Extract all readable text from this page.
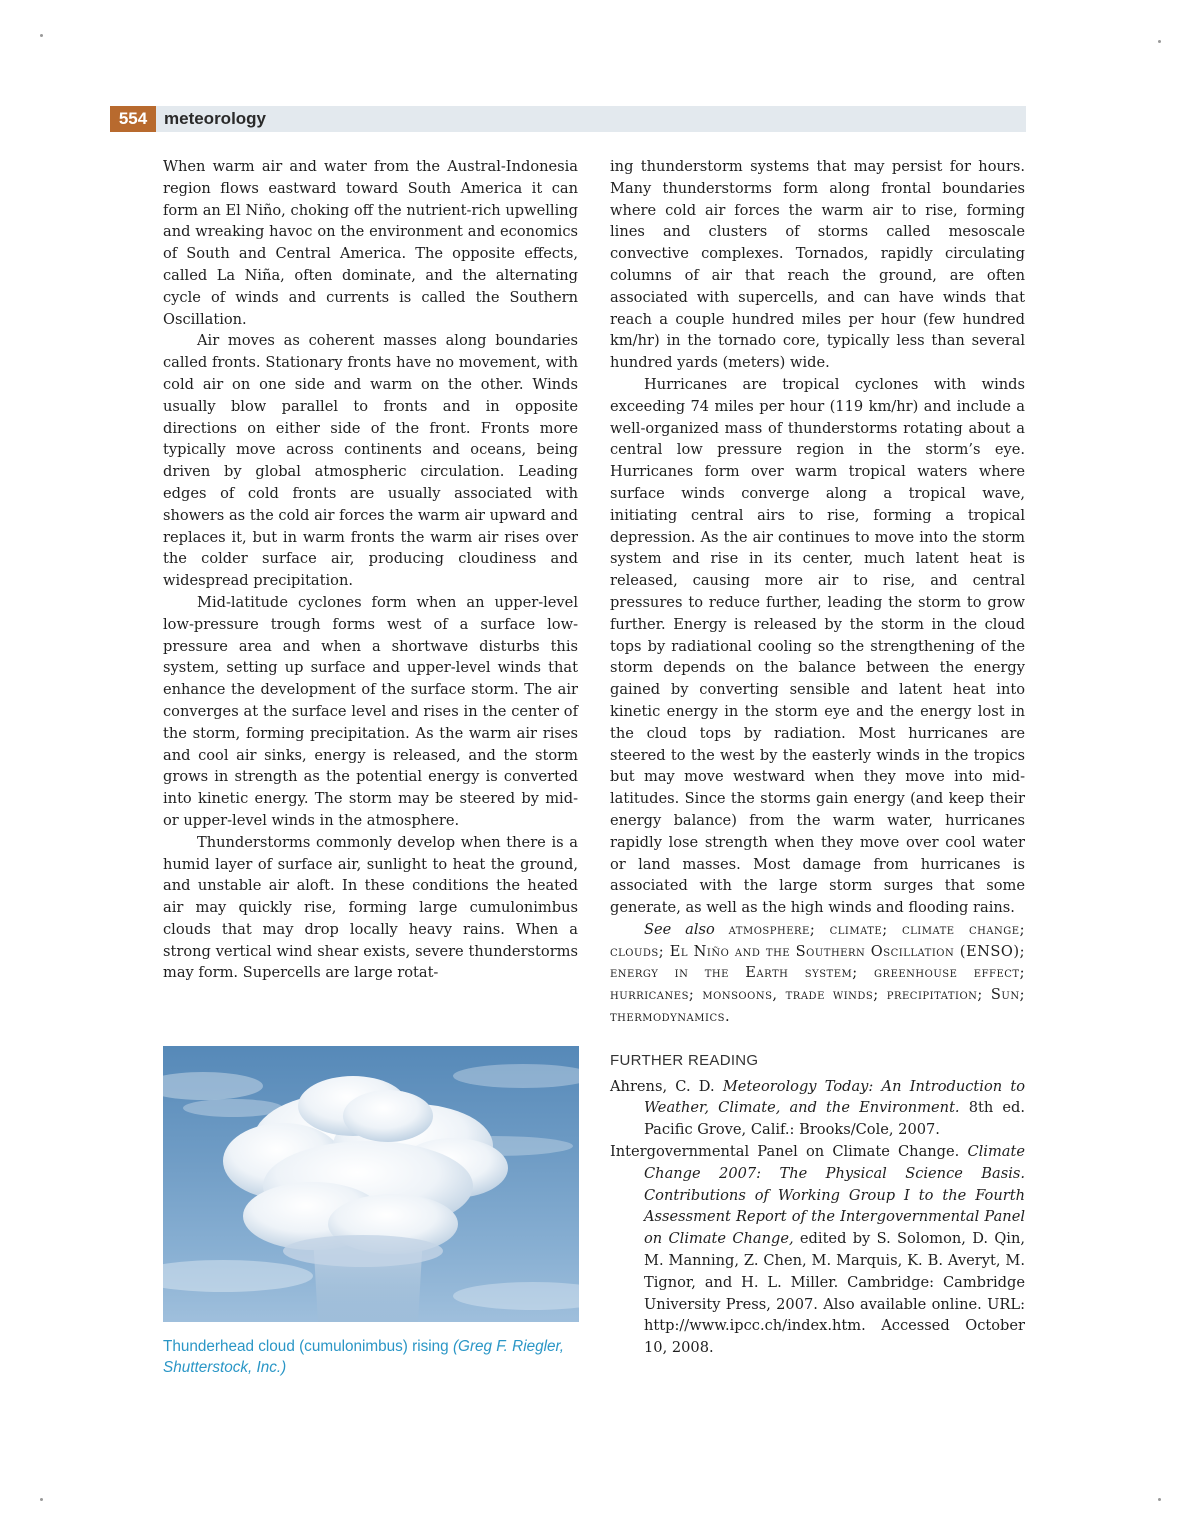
554 meteorology

When warm air and water from the Austral-Indonesia region flows eastward toward South America it can form an El Niño, choking off the nutrient-rich upwelling and wreaking havoc on the environment and economics of South and Central America. The opposite effects, called La Niña, often dominate, and the alternating cycle of winds and currents is called the Southern Oscillation.

Air moves as coherent masses along boundaries called fronts. Stationary fronts have no movement, with cold air on one side and warm on the other. Winds usually blow parallel to fronts and in opposite directions on either side of the front. Fronts more typically move across continents and oceans, being driven by global atmospheric circulation. Leading edges of cold fronts are usually associated with showers as the cold air forces the warm air upward and replaces it, but in warm fronts the warm air rises over the colder surface air, producing cloudiness and widespread precipitation.

Mid-latitude cyclones form when an upper-level low-pressure trough forms west of a surface low-pressure area and when a shortwave disturbs this system, setting up surface and upper-level winds that enhance the development of the surface storm. The air converges at the surface level and rises in the center of the storm, forming precipitation. As the warm air rises and cool air sinks, energy is released, and the storm grows in strength as the potential energy is converted into kinetic energy. The storm may be steered by mid- or upper-level winds in the atmosphere.

Thunderstorms commonly develop when there is a humid layer of surface air, sunlight to heat the ground, and unstable air aloft. In these conditions the heated air may quickly rise, forming large cumulonimbus clouds that may drop locally heavy rains. When a strong vertical wind shear exists, severe thunderstorms may form. Supercells are large rotat-

Thunderhead cloud (cumulonimbus) rising (Greg F. Riegler, Shutterstock, Inc.)

ing thunderstorm systems that may persist for hours. Many thunderstorms form along frontal boundaries where cold air forces the warm air to rise, forming lines and clusters of storms called mesoscale convective complexes. Tornados, rapidly circulating columns of air that reach the ground, are often associated with supercells, and can have winds that reach a couple hundred miles per hour (few hundred km/hr) in the tornado core, typically less than several hundred yards (meters) wide.

Hurricanes are tropical cyclones with winds exceeding 74 miles per hour (119 km/hr) and include a well-organized mass of thunderstorms rotating about a central low pressure region in the storm’s eye. Hurricanes form over warm tropical waters where surface winds converge along a tropical wave, initiating central airs to rise, forming a tropical depression. As the air continues to move into the storm system and rise in its center, much latent heat is released, causing more air to rise, and central pressures to reduce further, leading the storm to grow further. Energy is released by the storm in the cloud tops by radiational cooling so the strengthening of the storm depends on the balance between the energy gained by converting sensible and latent heat into kinetic energy in the storm eye and the energy lost in the cloud tops by radiation. Most hurricanes are steered to the west by the easterly winds in the tropics but may move westward when they move into mid-latitudes. Since the storms gain energy (and keep their energy balance) from the warm water, hurricanes rapidly lose strength when they move over cool water or land masses. Most damage from hurricanes is associated with the large storm surges that some generate, as well as the high winds and flooding rains.

See also atmosphere; climate; climate change; clouds; El Niño and the Southern Oscillation (ENSO); energy in the Earth system; greenhouse effect; hurricanes; monsoons, trade winds; precipitation; Sun; thermodynamics.

FURTHER READING

Ahrens, C. D. Meteorology Today: An Introduction to Weather, Climate, and the Environment. 8th ed. Pacific Grove, Calif.: Brooks/Cole, 2007.

Intergovernmental Panel on Climate Change. Climate Change 2007: The Physical Science Basis. Contributions of Working Group I to the Fourth Assessment Report of the Intergovernmental Panel on Climate Change, edited by S. Solomon, D. Qin, M. Manning, Z. Chen, M. Marquis, K. B. Averyt, M. Tignor, and H. L. Miller. Cambridge: Cambridge University Press, 2007. Also available online. URL: http://www.ipcc.ch/index.htm. Accessed October 10, 2008.
